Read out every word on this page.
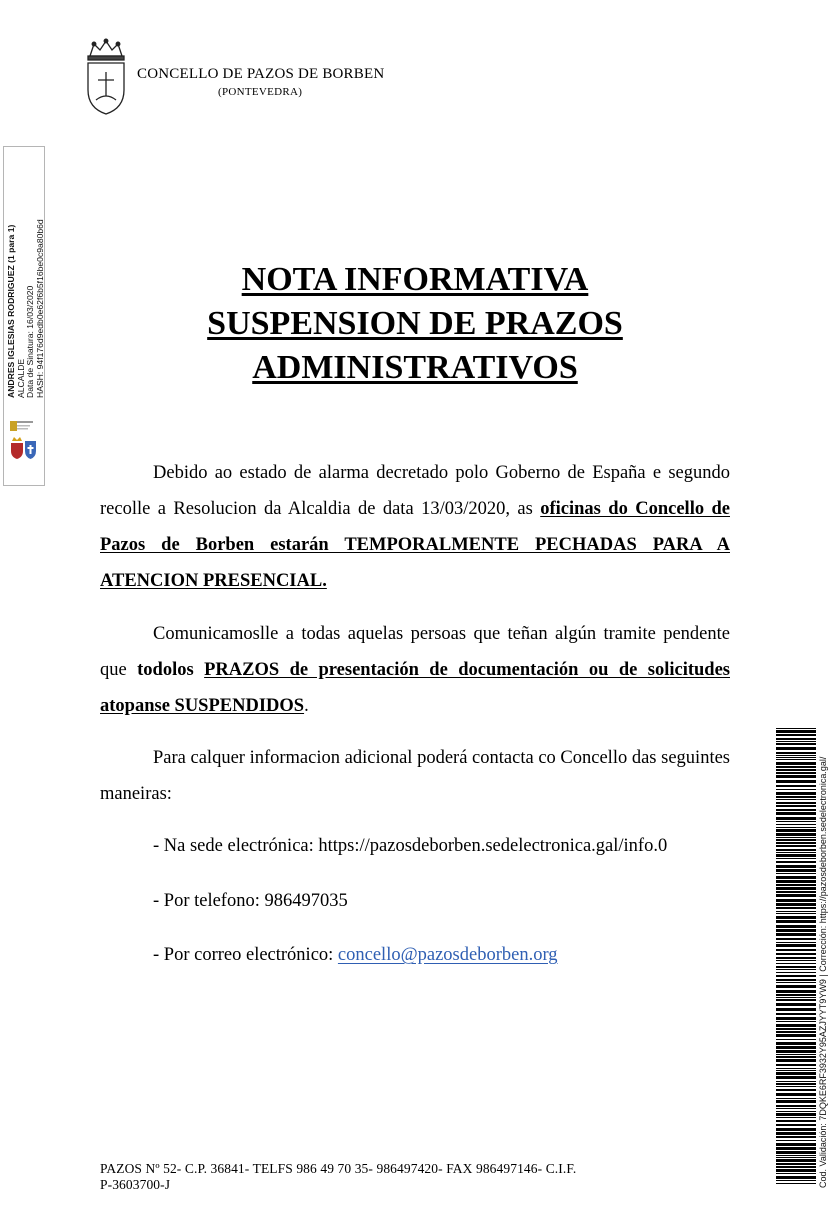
CONCELLO DE PAZOS DE BORBEN
(PONTEVEDRA)
ANDRES IGLESIAS RODRIGUEZ (1 para 1) ALCALDE Data de Sinatura: 16/03/2020 HASH: 94f176d9edb0e62f6b5f16be0c9a80b6d	NOTA INFORMATIVA
SUSPENSION DE PRAZOS
ADMINISTRATIVOS
Debido ao estado de alarma decretado polo Goberno de España e segundo recolle a Resolucion da Alcaldia de data 13/03/2020, as oficinas do Concello de Pazos de Borben estarán TEMPORALMENTE PECHADAS PARA A ATENCION PRESENCIAL.
Comunicamoslle a todas aquelas persoas que teñan algún tramite pendente que todolos PRAZOS de presentación de documentación ou de solicitudes atopanse SUSPENDIDOS.
Para calquer informacion adicional poderá contacta co Concello das seguintes maneiras:
- Na sede electrónica: https://pazosdeborben.sedelectronica.gal/info.0
- Por telefono: 986497035
- Por correo electrónico: concello@pazosdeborben.org
PAZOS Nº 52- C.P. 36841- TELFS 986 49 70 35- 986497420- FAX 986497146- C.I.F.
P-3603700-J	Cod. Validación: 7DQKE6RF3932Y95AZJYYT9YW9 | Corrección: https://pazosdeborben.sedelectronica.gal/
